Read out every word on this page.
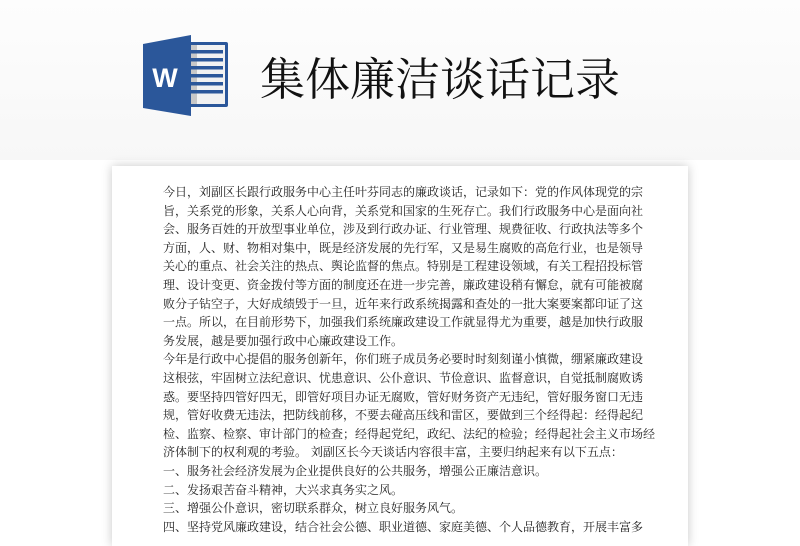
W 集体廉洁谈话记录
今日，刘副区长跟行政服务中心主任叶芬同志的廉政谈话，记录如下：党的作风体现党的宗
旨，关系党的形象，关系人心向背，关系党和国家的生死存亡。我们行政服务中心是面向社
会、服务百姓的开放型事业单位，涉及到行政办证、行业管理、规费征收、行政执法等多个
方面，人、财、物相对集中，既是经济发展的先行军，又是易生腐败的高危行业，也是领导
关心的重点、社会关注的热点、舆论监督的焦点。特别是工程建设领域，有关工程招投标管
理、设计变更、资金拨付等方面的制度还在进一步完善，廉政建设稍有懈怠，就有可能被腐
败分子钻空子，大好成绩毁于一旦，近年来行政系统揭露和查处的一批大案要案都印证了这
一点。所以，在目前形势下，加强我们系统廉政建设工作就显得尤为重要，越是加快行政服
务发展，越是要加强行政中心廉政建设工作。
今年是行政中心提倡的服务创新年，你们班子成员务必要时时刻刻谨小慎微，绷紧廉政建设
这根弦，牢固树立法纪意识、忧患意识、公仆意识、节俭意识、监督意识，自觉抵制腐败诱
惑。要坚持四管好四无，即管好项目办证无腐败，管好财务资产无违纪，管好服务窗口无违
规，管好收费无违法，把防线前移，不要去碰高压线和雷区，要做到三个经得起：经得起纪
检、监察、检察、审计部门的检查；经得起党纪，政纪、法纪的检验；经得起社会主义市场经
济体制下的权利观的考验。 刘副区长今天谈话内容很丰富，主要归纳起来有以下五点：
一、服务社会经济发展为企业提供良好的公共服务，增强公正廉洁意识。
二、发扬艰苦奋斗精神，大兴求真务实之风。
三、增强公仆意识，密切联系群众，树立良好服务风气。
四、坚持党风廉政建设，结合社会公德、职业道德、家庭美德、个人品德教育，开展丰富多
